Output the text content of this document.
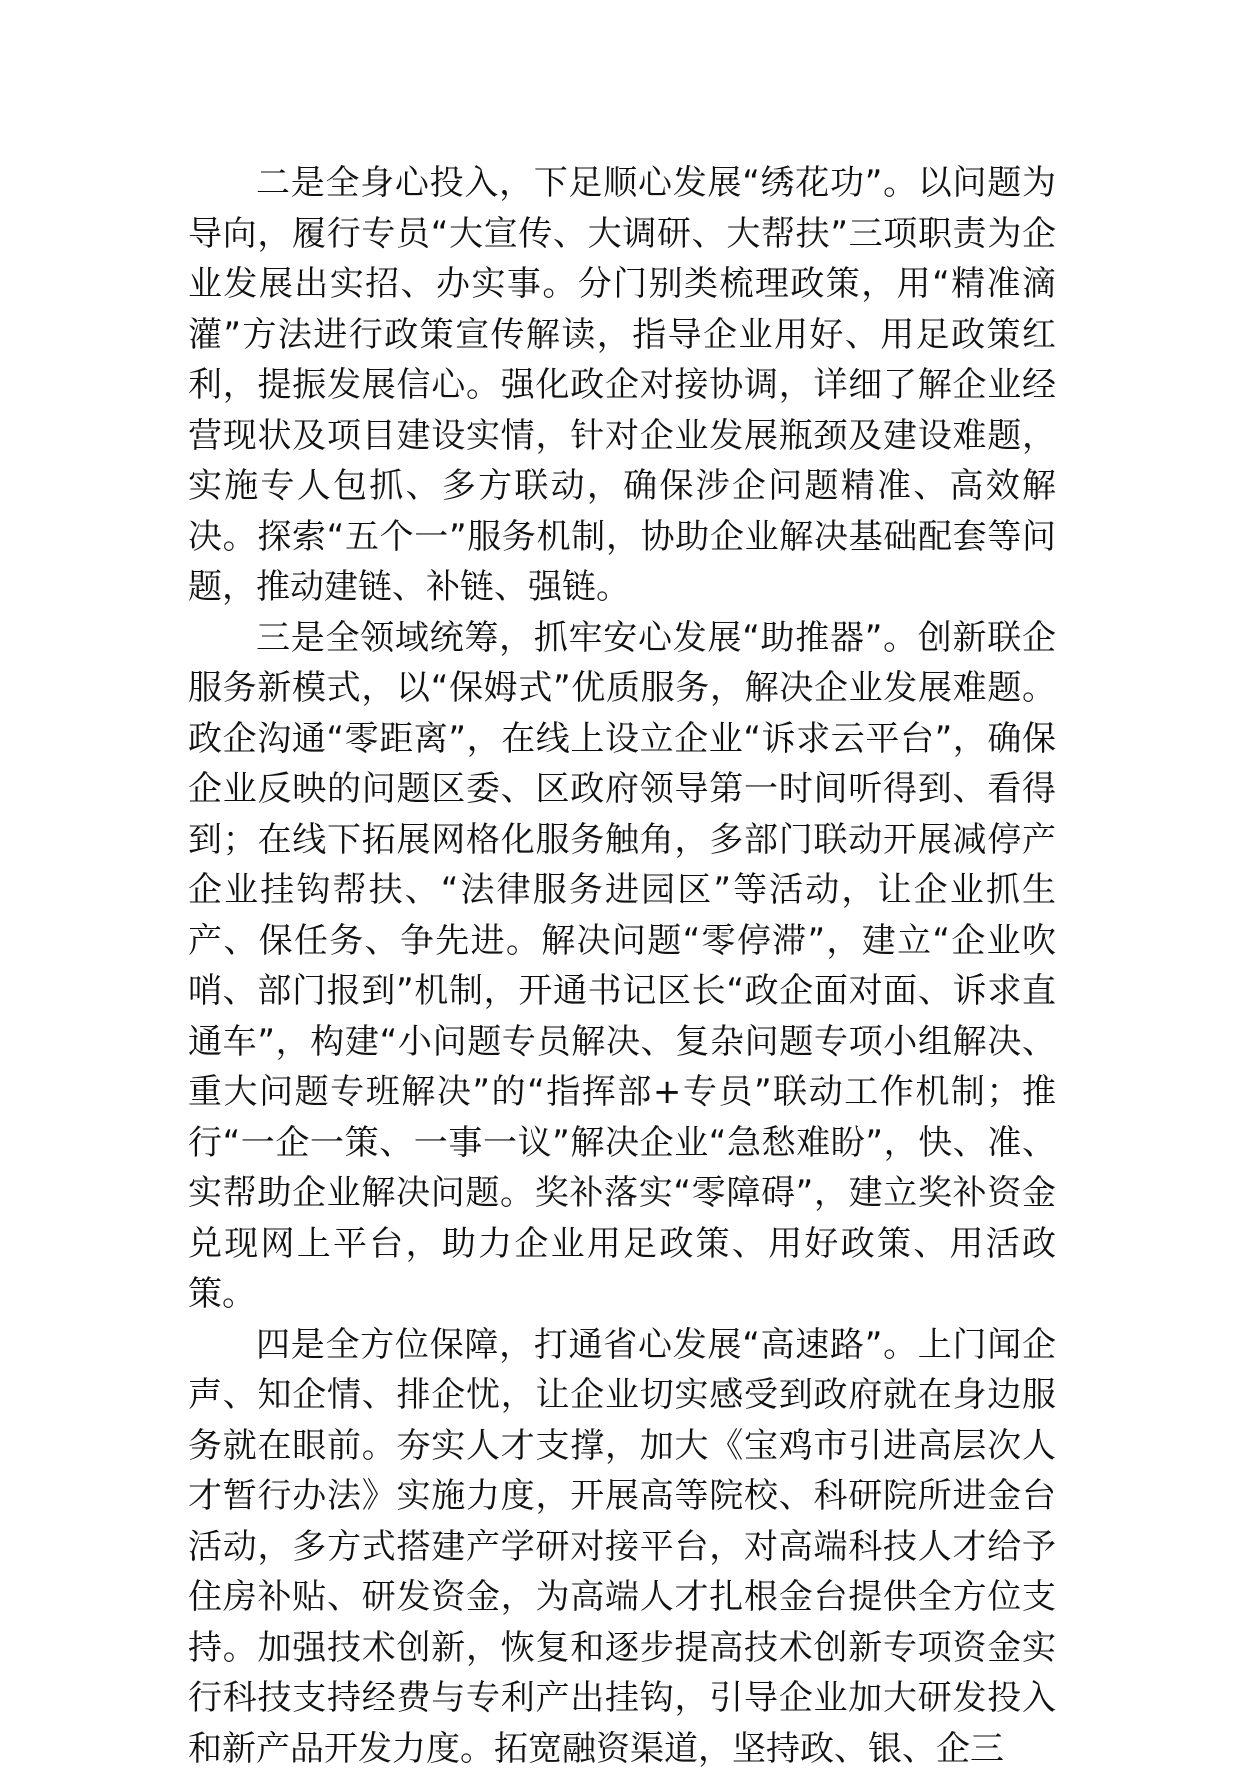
二是全身心投入，下足顺心发展“绣花功”。以问题为导向，履行专员“大宣传、大调研、大帮扶”三项职责为企业发展出实招、办实事。分门别类梳理政策，用“精准滴灌”方法进行政策宣传解读，指导企业用好、用足政策红利，提振发展信心。强化政企对接协调，详细了解企业经营现状及项目建设实情，针对企业发展瓶颈及建设难题，实施专人包抓、多方联动，确保涉企问题精准、高效解决。探索“五个一”服务机制，协助企业解决基础配套等问题，推动建链、补链、强链。

三是全领域统筹，抓牢安心发展“助推器”。创新联企服务新模式，以“保姆式”优质服务，解决企业发展难题。政企沟通“零距离”，在线上设立企业“诉求云平台”，确保企业反映的问题区委、区政府领导第一时间听得到、看得到；在线下拓展网格化服务触角，多部门联动开展减停产企业挂钩帮扶、“法律服务进园区”等活动，让企业抓生产、保任务、争先进。解决问题“零停滞”，建立“企业吹哨、部门报到”机制，开通书记区长“政企面对面、诉求直通车”，构建“小问题专员解决、复杂问题专项小组解决、重大问题专班解决”的“指挥部+专员”联动工作机制；推行“一企一策、一事一议”解决企业“急愁难盼”，快、准、实帮助企业解决问题。奖补落实“零障碍”，建立奖补资金兑现网上平台，助力企业用足政策、用好政策、用活政策。

四是全方位保障，打通省心发展“高速路”。上门闻企声、知企情、排企忧，让企业切实感受到政府就在身边服务就在眼前。夯实人才支撑，加大《宝鸡市引进高层次人才暂行办法》实施力度，开展高等院校、科研院所进金台活动，多方式搭建产学研对接平台，对高端科技人才给予住房补贴、研发资金，为高端人才扎根金台提供全方位支持。加强技术创新，恢复和逐步提高技术创新专项资金实行科技支持经费与专利产出挂钩，引导企业加大研发投入和新产品开发力度。拓宽融资渠道，坚持政、银、企三
